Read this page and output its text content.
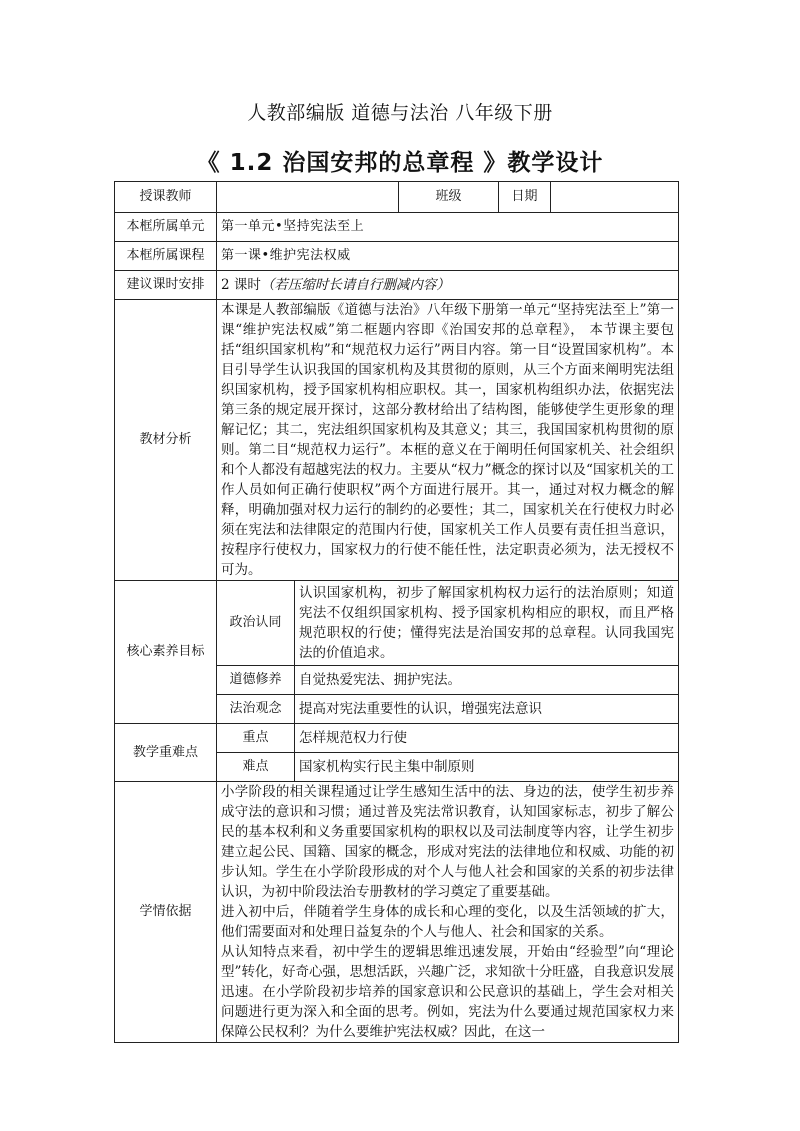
人教部编版 道德与法治 八年级下册
《 1.2 治国安邦的总章程 》教学设计
授课教师			班级	日期	
本框所属单元	第一单元•坚持宪法至上				
本框所属课程	第一课•维护宪法权威				
建议课时安排	2 课时（若压缩时长请自行删减内容）				
教材分析	本课是人教部编版《道德与法治》八年级下册第一单元“坚持宪法至上”第一课“维护宪法权威”第二框题内容即《治国安邦的总章程》， 本节课主要包括“组织国家机构”和“规范权力运行”两目内容。第一目“设置国家机构”。本目引导学生认识我国的国家机构及其贯彻的原则，从三个方面来阐明宪法组织国家机构，授予国家机构相应职权。其一，国家机构组织办法，依据宪法第三条的规定展开探讨，这部分教材给出了结构图，能够使学生更形象的理解记忆；其二，宪法组织国家机构及其意义；其三，我国国家机构贯彻的原则。第二目“规范权力运行”。本框的意义在于阐明任何国家机关、社会组织和个人都没有超越宪法的权力。主要从“权力”概念的探讨以及“国家机关的工作人员如何正确行使职权”两个方面进行展开。其一，通过对权力概念的解释，明确加强对权力运行的制约的必要性；其二，国家机关在行使权力时必须在宪法和法律限定的范围内行使，国家机关工作人员要有责任担当意识，按程序行使权力，国家权力的行使不能任性，法定职责必须为，法无授权不可为。				
核心素养目标	政治认同	认识国家机构，初步了解国家机构权力运行的法治原则；知道宪法不仅组织国家机构、授予国家机构相应的职权，而且严格规范职权的行使；懂得宪法是治国安邦的总章程。认同我国宪法的价值追求。			
	道德修养	自觉热爱宪法、拥护宪法。			
	法治观念	提高对宪法重要性的认识，增强宪法意识			
教学重难点	重点	怎样规范权力行使			
	难点	国家机构实行民主集中制原则			
学情依据	小学阶段的相关课程通过让学生感知生活中的法、身边的法，使学生初步养成守法的意识和习惯；通过普及宪法常识教育，认知国家标志，初步了解公民的基本权利和义务重要国家机构的职权以及司法制度等内容，让学生初步建立起公民、国籍、国家的概念，形成对宪法的法律地位和权威、功能的初步认知。学生在小学阶段形成的对个人与他人社会和国家的关系的初步法律认识，为初中阶段法治专册教材的学习奠定了重要基础。

进入初中后，伴随着学生身体的成长和心理的变化，以及生活领域的扩大，他们需要面对和处理日益复杂的个人与他人、社会和国家的关系。

从认知特点来看，初中学生的逻辑思维迅速发展，开始由“经验型”向“理论型”转化，好奇心强，思想活跃，兴趣广泛，求知欲十分旺盛，自我意识发展迅速。在小学阶段初步培养的国家意识和公民意识的基础上，学生会对相关问题进行更为深入和全面的思考。例如，宪法为什么要通过规范国家权力来保障公民权利？为什么要维护宪法权威？因此，在这一				
